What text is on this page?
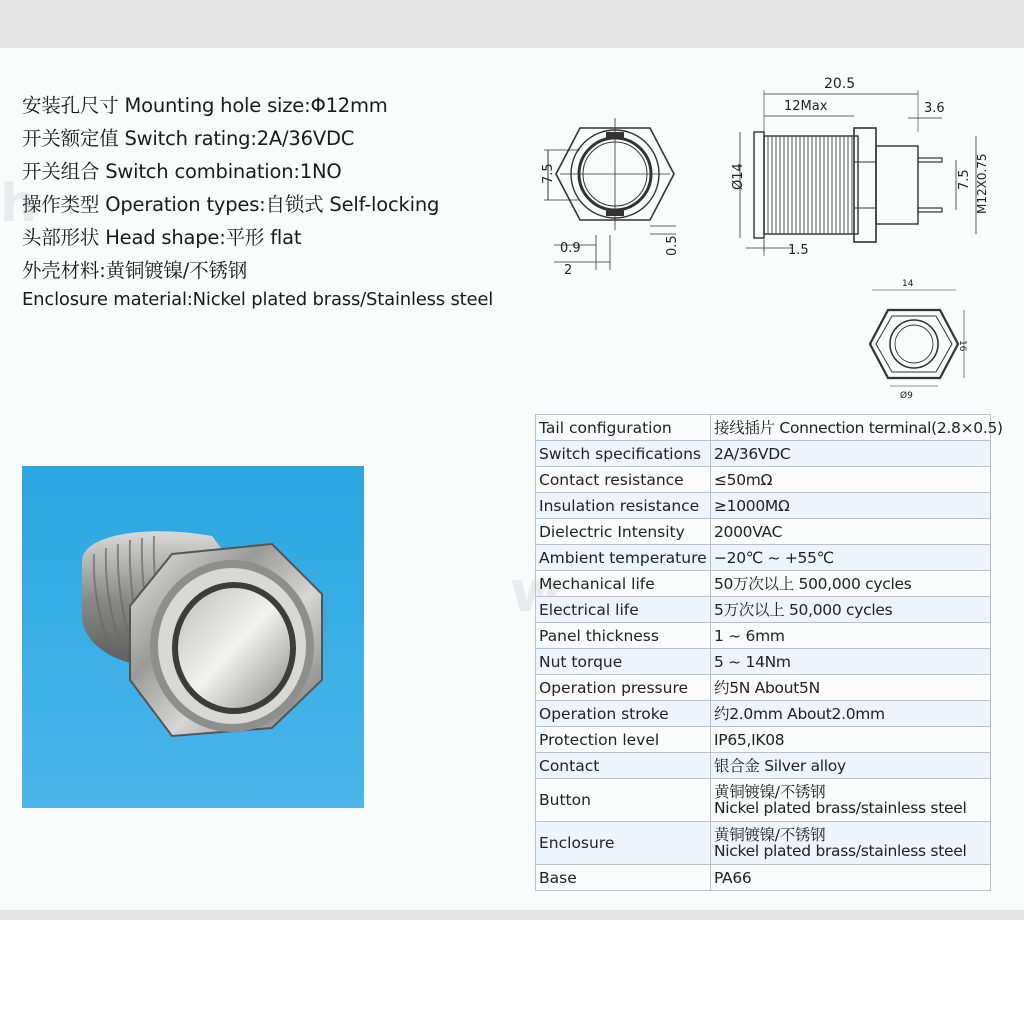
安装孔尺寸 Mounting hole size:Φ12mm
开关额定值 Switch rating:2A/36VDC
开关组合 Switch combination:1NO
操作类型 Operation types:自锁式 Self-locking
头部形状 Head shape:平形 flat
外壳材料:黄铜镀镍/不锈钢
Enclosure material:Nickel plated brass/Stainless steel
7.5
0.9
2
0.5
20.5
12Max	3.6
Ø14	7.5 M12X0.75
1.5
14
16
Ø9
Tail configuration	接线插片 Connection terminal(2.8×0.5)

Switch specifications	2A/36VDC

Contact resistance	≤50mΩ

Insulation resistance	≥1000MΩ

Dielectric Intensity	2000VAC

Ambient temperature	−20℃ ~ +55℃

Mechanical life	50万次以上 500,000 cycles

Electrical life	5万次以上 50,000 cycles

Panel thickness	1 ~ 6mm

Nut torque	5 ~ 14Nm

Operation pressure	约5N About5N

Operation stroke	约2.0mm About2.0mm

Protection level	IP65,IK08

Contact	银合金 Silver alloy

Button	黄铜镀镍/不锈钢
Nickel plated brass/stainless steel

Enclosure	黄铜镀镍/不锈钢
Nickel plated brass/stainless steel

Base	PA66
